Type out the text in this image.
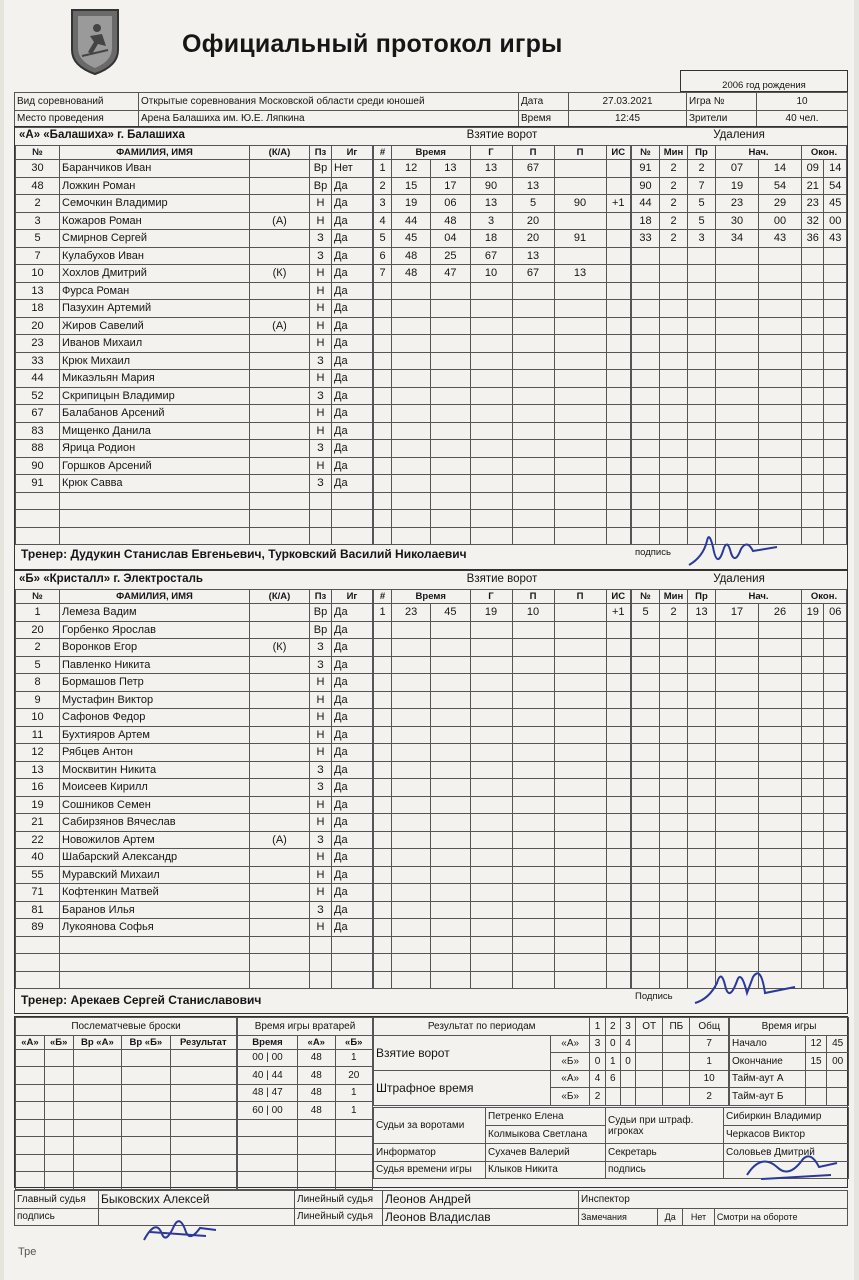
Официальный протокол игры
2006 год рождения
Вид соревнований	Открытые соревнования Московской области среди юношей	Дата	27.03.2021	Игра №	10
Место проведения	Арена Балашиха им. Ю.Е. Ляпкина	Время	12:45	Зрители	40 чел.
«А» «Балашиха» г. Балашиха
№	ФАМИЛИЯ, ИМЯ	(К/А)	Пз	Иг
30	Баранчиков Иван		Вр	Нет
48	Ложкин Роман		Вр	Да
2	Семочкин Владимир		Н	Да
3	Кожаров Роман	(А)	Н	Да
5	Смирнов Сергей		З	Да
7	Кулабухов Иван		З	Да
10	Хохлов Дмитрий	(К)	Н	Да
13	Фурса Роман		Н	Да
18	Пазухин Артемий		Н	Да
20	Жиров Савелий	(А)	Н	Да
23	Иванов Михаил		Н	Да
33	Крюк Михаил		З	Да
44	Микаэльян Мария		Н	Да
52	Скрипицын Владимир		З	Да
67	Балабанов Арсений		Н	Да
83	Мищенко Данила		Н	Да
88	Ярица Родион		З	Да
90	Горшков Арсений		Н	Да
91	Крюк Савва		З	Да

Взятие ворот
#	Время		Г	П	П	ИС
1	12	13	13	67		
2	15	17	90	13		
3	19	06	13	5	90	+1
4	44	48	3	20		
5	45	04	18	20	91	
6	48	25	67	13		
7	48	47	10	67	13	

Удаления
№	Мин	Пр	Нач.		Окон.	
91	2	2	07	14	09	14
90	2	7	19	54	21	54
44	2	5	23	29	23	45
18	2	5	30	00	32	00
33	2	3	34	43	36	43

Тренер: Дудукин Станислав Евгеньевич, Турковский Василий Николаевич	подпись
«Б» «Кристалл» г. Электросталь
№	ФАМИЛИЯ, ИМЯ	(К/А)	Пз	Иг
1	Лемеза Вадим		Вр	Да
20	Горбенко Ярослав		Вр	Да
2	Воронков Егор	(К)	З	Да
5	Павленко Никита		З	Да
8	Бормашов Петр		Н	Да
9	Мустафин Виктор		Н	Да
10	Сафонов Федор		Н	Да
11	Бухтияров Артем		Н	Да
12	Рябцев Антон		Н	Да
13	Москвитин Никита		З	Да
16	Моисеев Кирилл		З	Да
19	Сошников Семен		Н	Да
21	Сабирзянов Вячеслав		Н	Да
22	Новожилов Артем	(А)	З	Да
40	Шабарский Александр		Н	Да
55	Муравский Михаил		Н	Да
71	Кофтенкин Матвей		Н	Да
81	Баранов Илья		З	Да
89	Лукоянова Софья		Н	Да

Взятие ворот
#	Время		Г	П	П	ИС
1	23	45	19	10		+1

Удаления
№	Мин	Пр	Нач.		Окон.	
5	2	13	17	26	19	06

Тренер: Арекаев Сергей Станиславович	Подпись
Послематчевые броски				
«А»	«Б»	Вр «А»	Вр «Б»	Результат

Время игры вратарей		
Время	«А»	«Б»
00 | 00	48	1
40 | 44	48	20
48 | 47	48	1
60 | 00	48	1

Результат по периодам		1	2	3	ОТ	ПБ	Общ
Взятие ворот	«А»	3	0	4			7
	«Б»	0	1	0			1
Штрафное время	«А»	4	6				10
	«Б»	2					2
Время игры		
Начало	12	45
Окончание	15	00
Тайм-аут А		
Тайм-аут Б		
Судьи за воротами	Петренко Елена	Судьи при штраф. игроках	Сибиркин Владимир
	Колмыкова Светлана		Черкасов Виктор
Информатор	Сухачев Валерий	Секретарь	Соловьев Дмитрий
Судья времени игры	Клыков Никита	подпись	
Главный судья	Быковских Алексей	Линейный судья	Леонов Андрей	Инспектор			
подпись		Линейный судья	Леонов Владислав	Замечания	Да	Нет	Смотри на обороте
Тре
